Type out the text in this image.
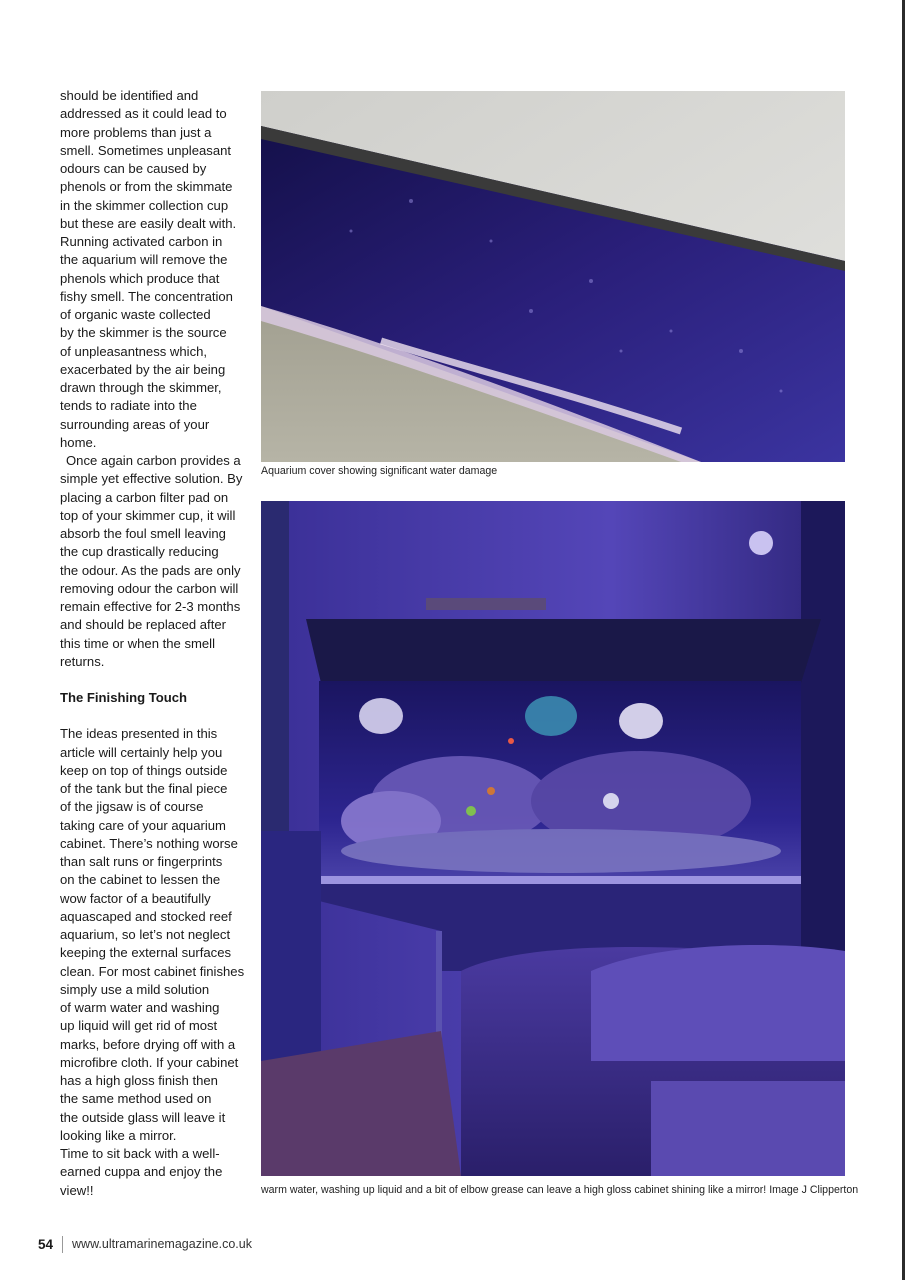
should be identified and
addressed as it could lead to
more problems than just a
smell. Sometimes unpleasant
odours can be caused by
phenols or from the skimmate
in the skimmer collection cup
but these are easily dealt with.
Running activated carbon in
the aquarium will remove the
phenols which produce that
fishy smell. The concentration
of organic waste collected
by the skimmer is the source
of unpleasantness which,
exacerbated by the air being
drawn through the skimmer,
tends to radiate into the
surrounding areas of your
home.

Once again carbon provides a
simple yet effective solution. By
placing a carbon filter pad on
top of your skimmer cup, it will
absorb the foul smell leaving
the cup drastically reducing
the odour. As the pads are only
removing odour the carbon will
remain effective for 2-3 months
and should be replaced after
this time or when the smell
returns.

The Finishing Touch

The ideas presented in this
article will certainly help you
keep on top of things outside
of the tank but the final piece
of the jigsaw is of course
taking care of your aquarium
cabinet. There’s nothing worse
than salt runs or fingerprints
on the cabinet to lessen the
wow factor of a beautifully
aquascaped and stocked reef
aquarium, so let’s not neglect
keeping the external surfaces
clean. For most cabinet finishes
simply use a mild solution
of warm water and washing
up liquid will get rid of most
marks, before drying off with a
microfibre cloth. If your cabinet
has a high gloss finish then
the same method used on
the outside glass will leave it
looking like a mirror.

Time to sit back with a well-
earned cuppa and enjoy the
view!!

Aquarium cover showing significant water damage
warm water, washing up liquid and a bit of elbow grease can leave a high gloss cabinet shining like a mirror! Image J Clipperton
54 www.ultramarinemagazine.co.uk
